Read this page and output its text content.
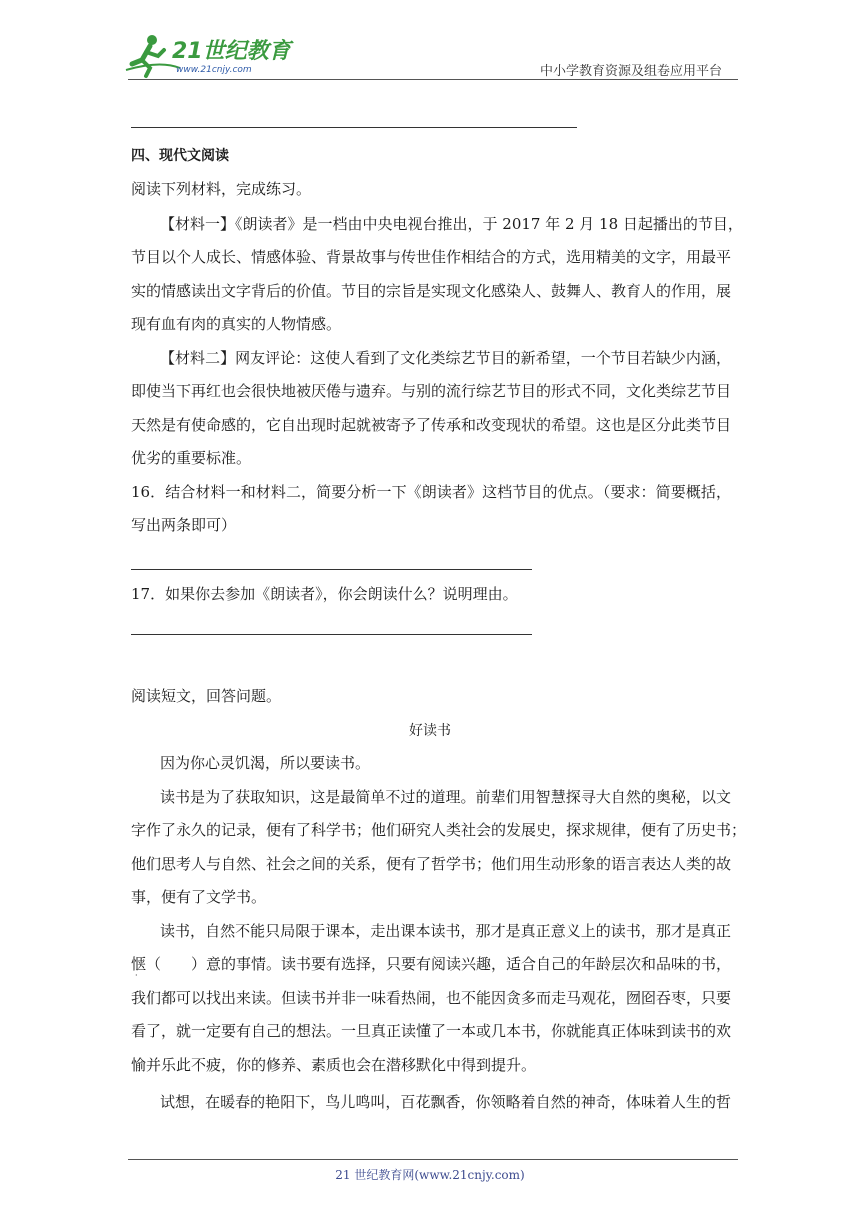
21世纪教育
www.21cnjy.com	中小学教育资源及组卷应用平台
四、现代文阅读
阅读下列材料，完成练习。
【材料一】《朗读者》是一档由中央电视台推出，于 2017 年 2 月 18 日起播出的节目，
节目以个人成长、情感体验、背景故事与传世佳作相结合的方式，选用精美的文字，用最平
实的情感读出文字背后的价值。节目的宗旨是实现文化感染人、鼓舞人、教育人的作用，展
现有血有肉的真实的人物情感。
【材料二】网友评论：这使人看到了文化类综艺节目的新希望，一个节目若缺少内涵，
即使当下再红也会很快地被厌倦与遗弃。与别的流行综艺节目的形式不同，文化类综艺节目
天然是有使命感的，它自出现时起就被寄予了传承和改变现状的希望。这也是区分此类节目
优劣的重要标准。
16．结合材料一和材料二，简要分析一下《朗读者》这档节目的优点。（要求：简要概括，
写出两条即可）
17．如果你去参加《朗读者》，你会朗读什么？说明理由。
阅读短文，回答问题。
好读书
因为你心灵饥渴，所以要读书。
读书是为了获取知识，这是最简单不过的道理。前辈们用智慧探寻大自然的奥秘，以文
字作了永久的记录，便有了科学书；他们研究人类社会的发展史，探求规律，便有了历史书；
他们思考人与自然、社会之间的关系，便有了哲学书；他们用生动形象的语言表达人类的故
事，便有了文学书。
读书，自然不能只局限于课本，走出课本读书，那才是真正意义上的读书，那才是真正
惬
·
（　　）意的事情。读书要有选择，只要有阅读兴趣，适合自己的年龄层次和品味的书，
我们都可以找出来读。但读书并非一味看热闹，也不能因贪多而走马观花，囫囵吞枣，只要
看了，就一定要有自己的想法。一旦真正读懂了一本或几本书，你就能真正体味到读书的欢
愉并乐此不疲，你的修养、素质也会在潜移默化中得到提升。
试想，在暖春的艳阳下，鸟儿鸣叫，百花飘香，你领略着自然的神奇，体味着人生的哲
21 世纪教育网(www.21cnjy.com)
